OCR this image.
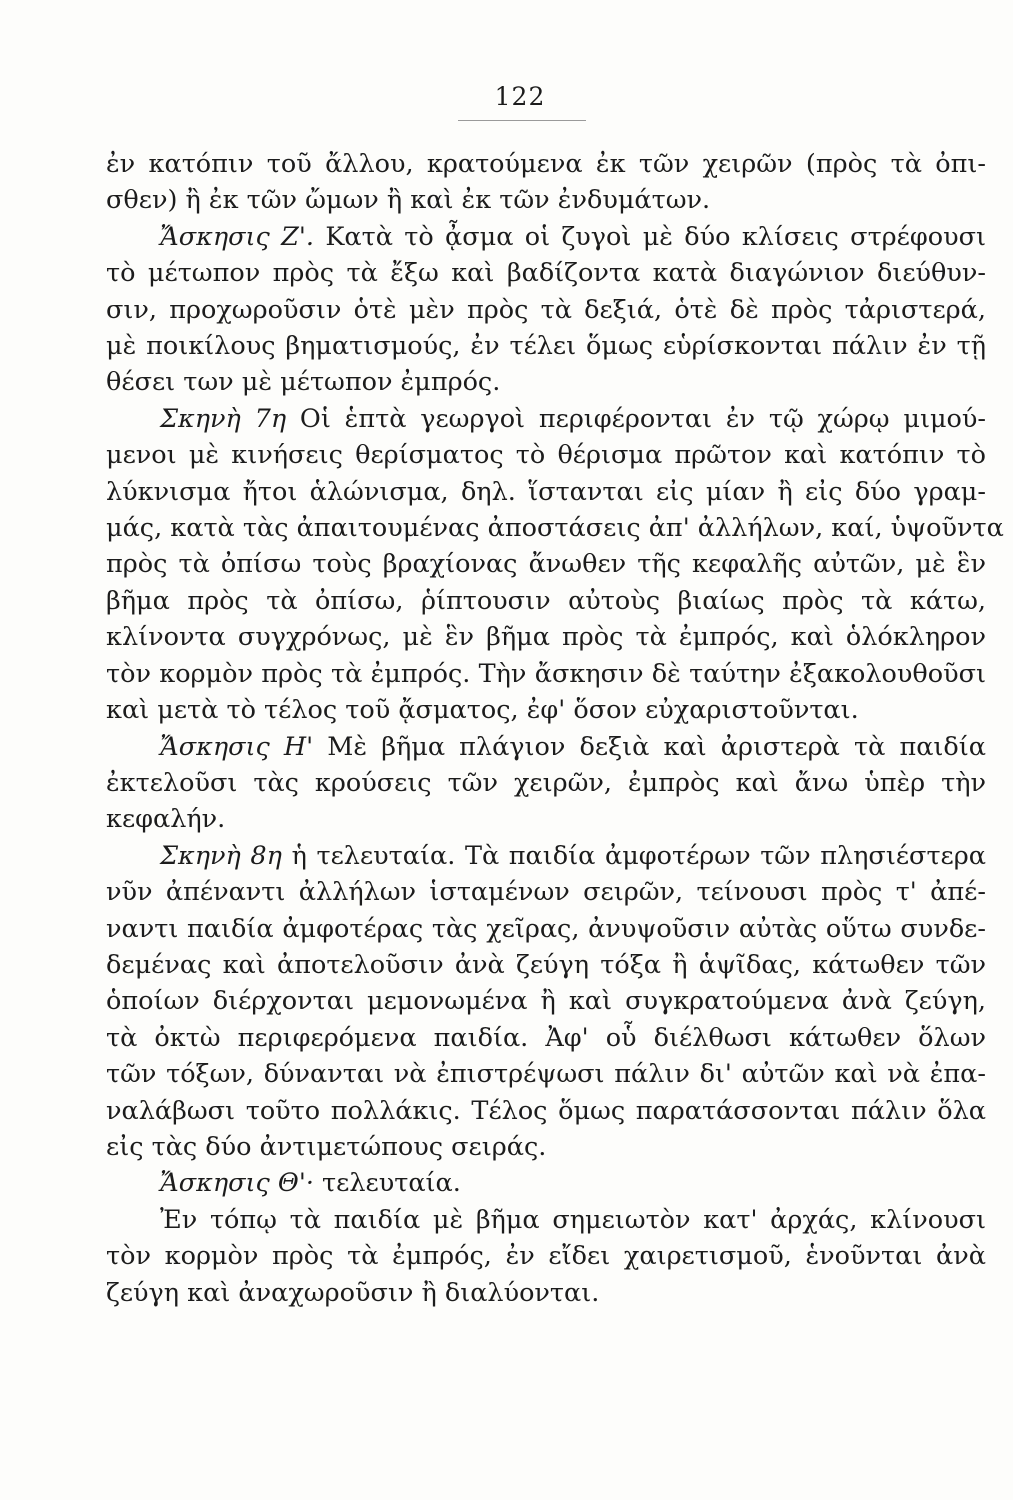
122
ἐν κατόπιν τοῦ ἄλλου, κρατούμενα ἐκ τῶν χειρῶν (πρὸς τὰ ὀπι-
σθεν) ἢ ἐκ τῶν ὤμων ἢ καὶ ἐκ τῶν ἐνδυμάτων.
Ἄσκησις Ζ'. Κατὰ τὸ ᾆσμα οἱ ζυγοὶ μὲ δύο κλίσεις στρέφουσι
τὸ μέτωπον πρὸς τὰ ἔξω καὶ βαδίζοντα κατὰ διαγώνιον διεύθυν-
σιν, προχωροῦσιν ὁτὲ μὲν πρὸς τὰ δεξιά, ὁτὲ δὲ πρὸς τἀριστερά,
μὲ ποικίλους βηματισμούς, ἐν τέλει ὅμως εὑρίσκονται πάλιν ἐν τῇ
θέσει των μὲ μέτωπον ἐμπρός.
Σκηνὴ 7η Οἱ ἑπτὰ γεωργοὶ περιφέρονται ἐν τῷ χώρῳ μιμού-
μενοι μὲ κινήσεις θερίσματος τὸ θέρισμα πρῶτον καὶ κατόπιν τὸ
λύκνισμα ἤτοι ἁλώνισμα, δηλ. ἵστανται εἰς μίαν ἢ εἰς δύο γραμ-
μάς, κατὰ τὰς ἀπαιτουμένας ἀποστάσεις ἀπ' ἀλλήλων, καί, ὑψοῦντα
πρὸς τὰ ὀπίσω τοὺς βραχίονας ἄνωθεν τῆς κεφαλῆς αὐτῶν, μὲ ἓν
βῆμα πρὸς τὰ ὀπίσω, ῥίπτουσιν αὐτοὺς βιαίως πρὸς τὰ κάτω,
κλίνοντα συγχρόνως, μὲ ἓν βῆμα πρὸς τὰ ἐμπρός, καὶ ὁλόκληρον
τὸν κορμὸν πρὸς τὰ ἐμπρός. Τὴν ἄσκησιν δὲ ταύτην ἐξακολουθοῦσι
καὶ μετὰ τὸ τέλος τοῦ ᾄσματος, ἐφ' ὅσον εὐχαριστοῦνται.
Ἄσκησις Η' Μὲ βῆμα πλάγιον δεξιὰ καὶ ἀριστερὰ τὰ παιδία
ἐκτελοῦσι τὰς κρούσεις τῶν χειρῶν, ἐμπρὸς καὶ ἄνω ὑπὲρ τὴν
κεφαλήν.
Σκηνὴ 8η ἡ τελευταία. Τὰ παιδία ἀμφοτέρων τῶν πλησιέστερα
νῦν ἀπέναντι ἀλλήλων ἱσταμένων σειρῶν, τείνουσι πρὸς τ' ἀπέ-
ναντι παιδία ἀμφοτέρας τὰς χεῖρας, ἀνυψοῦσιν αὐτὰς οὕτω συνδε-
δεμένας καὶ ἀποτελοῦσιν ἀνὰ ζεύγη τόξα ἢ ἁψῖδας, κάτωθεν τῶν
ὁποίων διέρχονται μεμονωμένα ἢ καὶ συγκρατούμενα ἀνὰ ζεύγη,
τὰ ὀκτὼ περιφερόμενα παιδία. Ἀφ' οὗ διέλθωσι κάτωθεν ὅλων
τῶν τόξων, δύνανται νὰ ἐπιστρέψωσι πάλιν δι' αὐτῶν καὶ νὰ ἐπα-
ναλάβωσι τοῦτο πολλάκις. Τέλος ὅμως παρατάσσονται πάλιν ὅλα
εἰς τὰς δύο ἀντιμετώπους σειράς.
Ἄσκησις Θ'· τελευταία.
Ἐν τόπῳ τὰ παιδία μὲ βῆμα σημειωτὸν κατ' ἀρχάς, κλίνουσι
τὸν κορμὸν πρὸς τὰ ἐμπρός, ἐν εἴδει χαιρετισμοῦ, ἑνοῦνται ἀνὰ
ζεύγη καὶ ἀναχωροῦσιν ἢ διαλύονται.
